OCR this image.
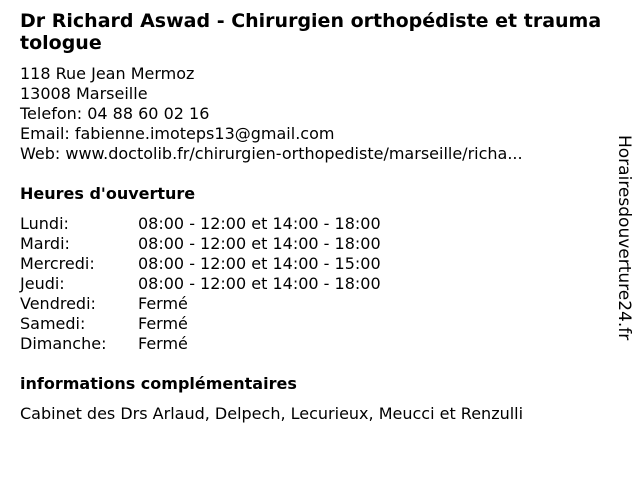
Dr Richard Aswad - Chirurgien orthopédiste et traumatologue
118 Rue Jean Mermoz
13008 Marseille
Telefon: 04 88 60 02 16
Email: fabienne.imoteps13@gmail.com
Web: www.doctolib.fr/chirurgien-orthopediste/marseille/richa...
Heures d'ouverture
Lundi:	08:00 - 12:00 et 14:00 - 18:00
Mardi:	08:00 - 12:00 et 14:00 - 18:00
Mercredi:	08:00 - 12:00 et 14:00 - 15:00
Jeudi:	08:00 - 12:00 et 14:00 - 18:00
Vendredi:	Fermé
Samedi:	Fermé
Dimanche:	Fermé
informations complémentaires
Cabinet des Drs Arlaud, Delpech, Lecurieux, Meucci et Renzulli
Horairesdouverture24.fr
